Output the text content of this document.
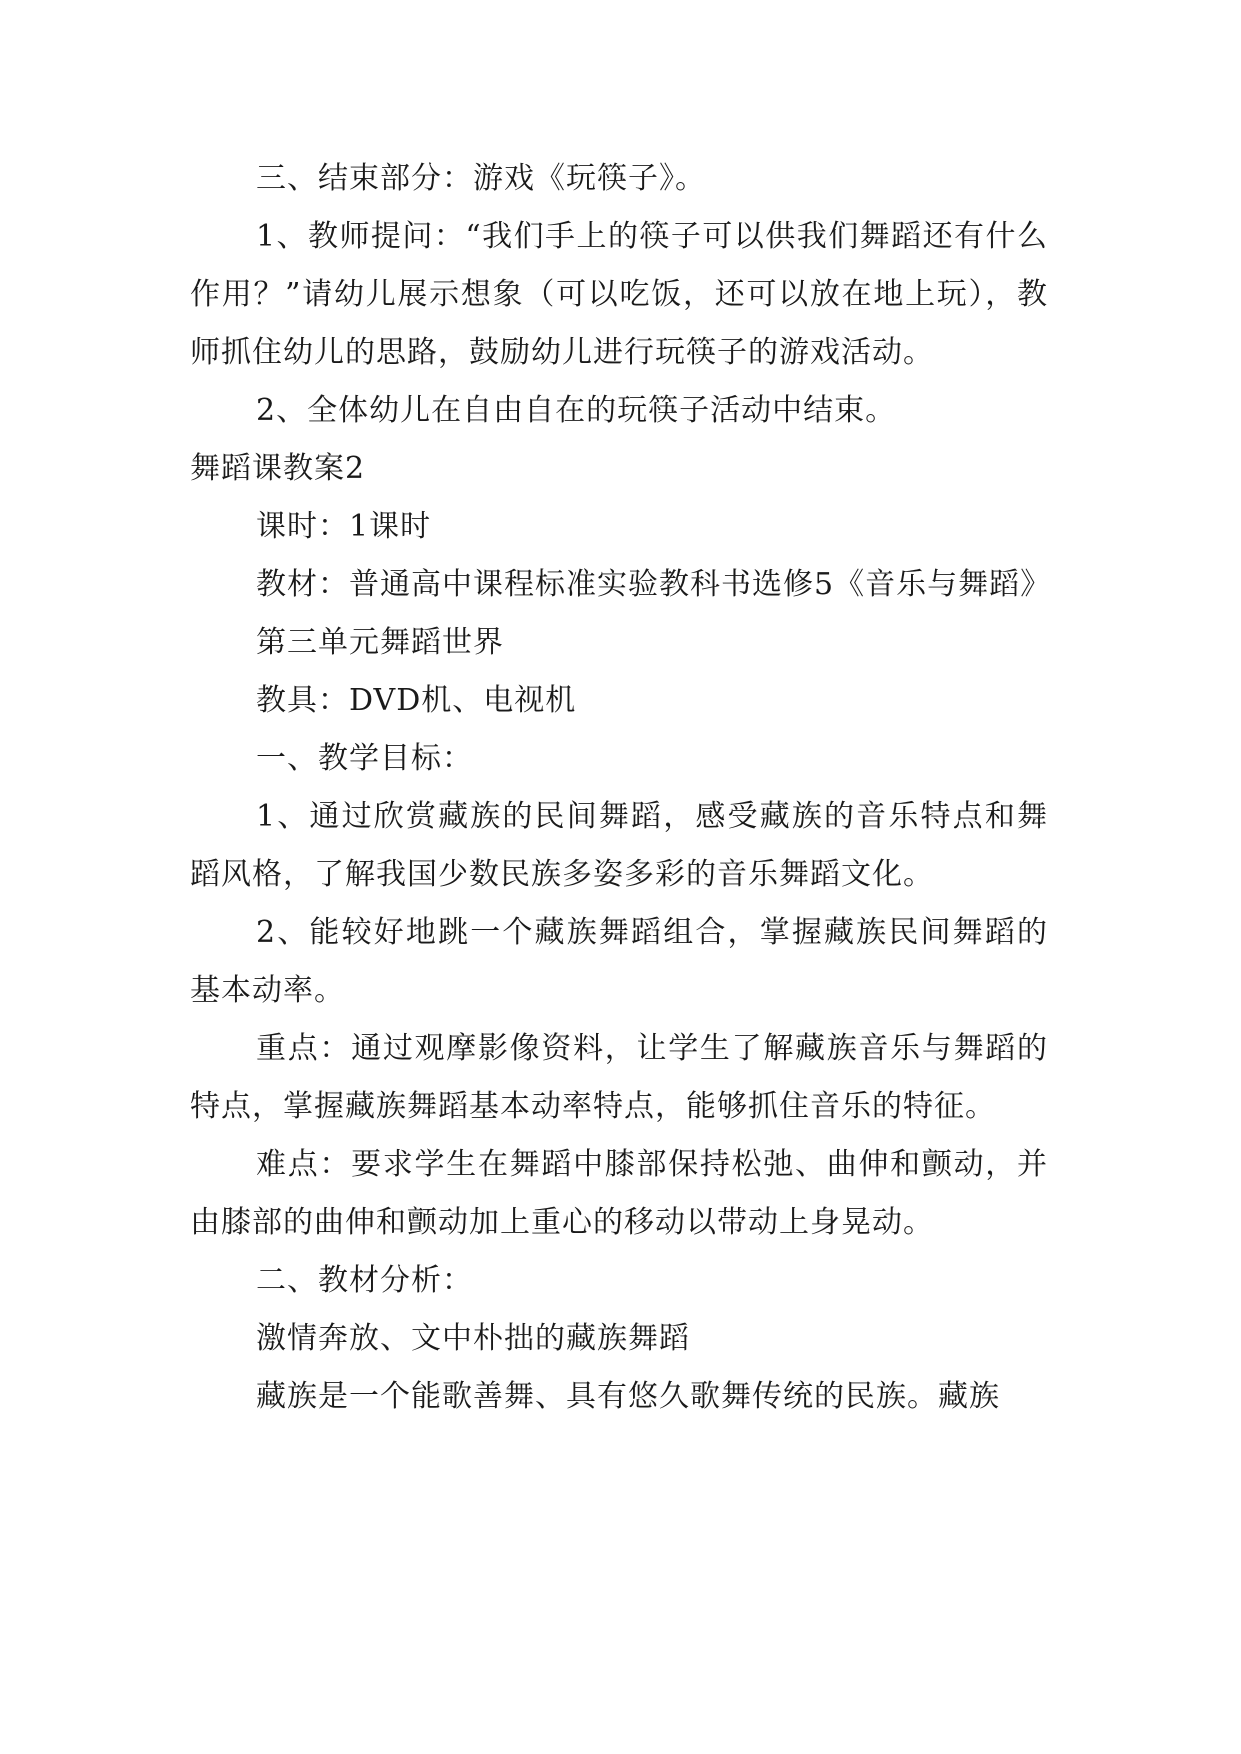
三、结束部分：游戏《玩筷子》。

1、教师提问：“我们手上的筷子可以供我们舞蹈还有什么作用？”请幼儿展示想象（可以吃饭，还可以放在地上玩），教师抓住幼儿的思路，鼓励幼儿进行玩筷子的游戏活动。

2、全体幼儿在自由自在的玩筷子活动中结束。

舞蹈课教案2

课时：1课时

教材：普通高中课程标准实验教科书选修5《音乐与舞蹈》

第三单元舞蹈世界

教具：DVD机、电视机

一、教学目标：

1、通过欣赏藏族的民间舞蹈，感受藏族的音乐特点和舞蹈风格，了解我国少数民族多姿多彩的音乐舞蹈文化。

2、能较好地跳一个藏族舞蹈组合，掌握藏族民间舞蹈的基本动率。

重点：通过观摩影像资料，让学生了解藏族音乐与舞蹈的特点，掌握藏族舞蹈基本动率特点，能够抓住音乐的特征。

难点：要求学生在舞蹈中膝部保持松弛、曲伸和颤动，并由膝部的曲伸和颤动加上重心的移动以带动上身晃动。

二、教材分析：

激情奔放、文中朴拙的藏族舞蹈

藏族是一个能歌善舞、具有悠久歌舞传统的民族。藏族
